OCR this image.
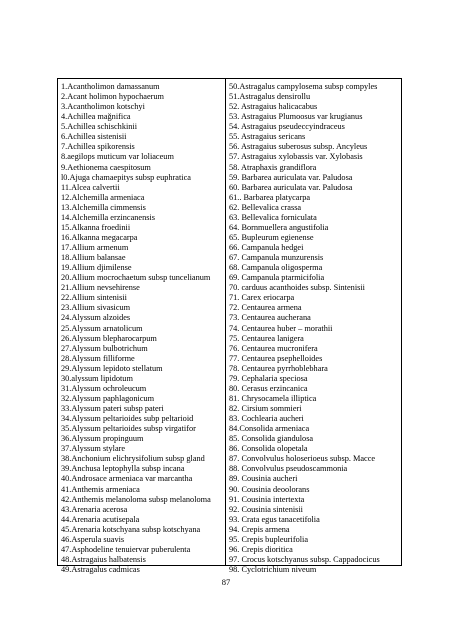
1.Acantholimon damassanum
2.Acant holimon hypochaerum
3.Acantholimon kotschyi
4.Achillea mağnifica
5.Achillea schischkinii
6.Achillea sistenisii
7.Achillea spikorensis
8.aegilops muticum var loliaceum
9.Aethionema caespitosum
l0.Ajuga chamaepitys subsp euphratica
11.Alcea calvertii
12.Alchemilla armeniaca
13.Alchemilla cimmensis
14.Alchemilla erzincanensis
15.Alkanna froedinii
16.Alkanna megacarpa
17.Allium armenum
18.Allium balansae
19.Allium djimilense
20.Allium mocrochaetum subsp tuncelianum
21.Allium nevsehirense
22.Allium sintenisii
23.Allium sivasicum
24.Alyssum alzoides
25.Alyssum arnatolicum
26.Alyssum blepharocarpum
27.Alyssum bulbotrichum
28.Alyssum filliforme
29.Alyssum lepidoto stellatum
30.alyssum lipidotum
31.Alyssum ochroleucum
32.Alyssum paphlagonicum
33.Alyssum pateri subsp pateri
34.Alyssum peltarioides subp peltarioid
35.Alyssum peltarioides subsp virgatifor
36.Alyssum propinguum
37.Alyssum stylare
38.Anchonium elichrysifolium subsp gland
39.Anchusa leptophylla subsp incana
40.Androsace armeniaca var marcantha
41.Anthemis armeniaca
42.Anthemis melanoloma subsp melanoloma
43.Arenaria acerosa
44.Arenaria acutisepala
45.Arenaria kotschyana subsp kotschyana
46.Asperula suavis
47.Asphodeline tenuiervar puberulenta
48.Astragaius halbatensis
49.Astragalus cadmicas
50.Astragalus campylosema subsp compyles
51.Astragalus densirollu
52. Astragaius halicacabus
53. Astragaius Plumoosus var krugianus
54. Astragaius pseudeccyindraceus
55. Astragaius sericans
56. Astragaius suberosus subsp. Ancyleus
57. Astragaius xylobassis var. Xylobasis
58. Atraphaxis grandiflora
59. Barbarea auriculata var. Paludosa
60. Barbarea auriculata var. Paludosa
61.. Barbarea platycarpa
62. Bellevalica crassa
63. Bellevalica forniculata
64. Bornmuellera angustifolia
65. Bupleurum egienense
66. Campanula hedgei
67. Campanula munzurensis
68. Campanula oligosperma
69. Campanula ptarmicifolia
70. carduus acanthoides subsp. Sintenisii
71. Carex eriocarpa
72. Centaurea armena
73. Centaurea aucherana
74. Centaurea huber – morathii
75. Centaurea lanigera
76. Centaurea mucronifera
77. Centaurea psephelloides
78. Centaurea pyrrhoblebhara
79. Cephalaria speciosa
80. Cerasus erzincanica
81. Chrysocamela illiptica
82. Cirsium sommieri
83. Cochlearia aucheri
84.Consolida armeniaca
85. Consolida giandulosa
86. Consolida olopetala
87. Convolvulus holoserioeus subsp. Macce
88. Convolvulus pseudoscammonia
89. Cousinia aucheri
90. Cousinia deoolorans
91. Cousinia intertexta
92. Cousinia sintenisii
93. Crata egus tanacetifolia
94. Crepis armena
95. Crepis bupleurifolia
96. Crepis dioritica
97. Crocus kotschyanus subsp. Cappadocicus
98. Cyclotrichium niveum
87
